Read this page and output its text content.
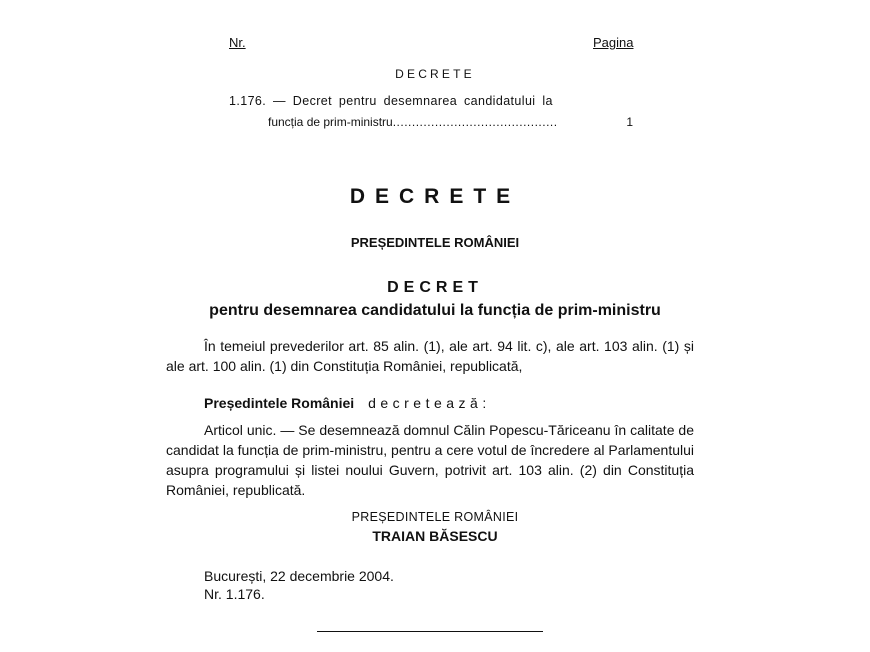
Nr.	Pagina
DECRETE
1.176. — Decret pentru desemnarea candidatului la
funcția de prim-ministru ...........................................	1
DECRETE
PREȘEDINTELE ROMÂNIEI
DECRET
pentru desemnarea candidatului la funcția de prim-ministru
În temeiul prevederilor art. 85 alin. (1), ale art. 94 lit. c), ale art. 103 alin. (1) și ale art. 100 alin. (1) din Constituția României, republicată,
Președintele României decretează:
Articol unic. — Se desemnează domnul Călin Popescu-Tăriceanu în calitate de candidat la funcția de prim-ministru, pentru a cere votul de încredere al Parlamentului asupra programului și listei noului Guvern, potrivit art. 103 alin. (2) din Constituția României, republicată.
PREȘEDINTELE ROMÂNIEI
TRAIAN BĂSESCU
București, 22 decembrie 2004.
Nr. 1.176.
